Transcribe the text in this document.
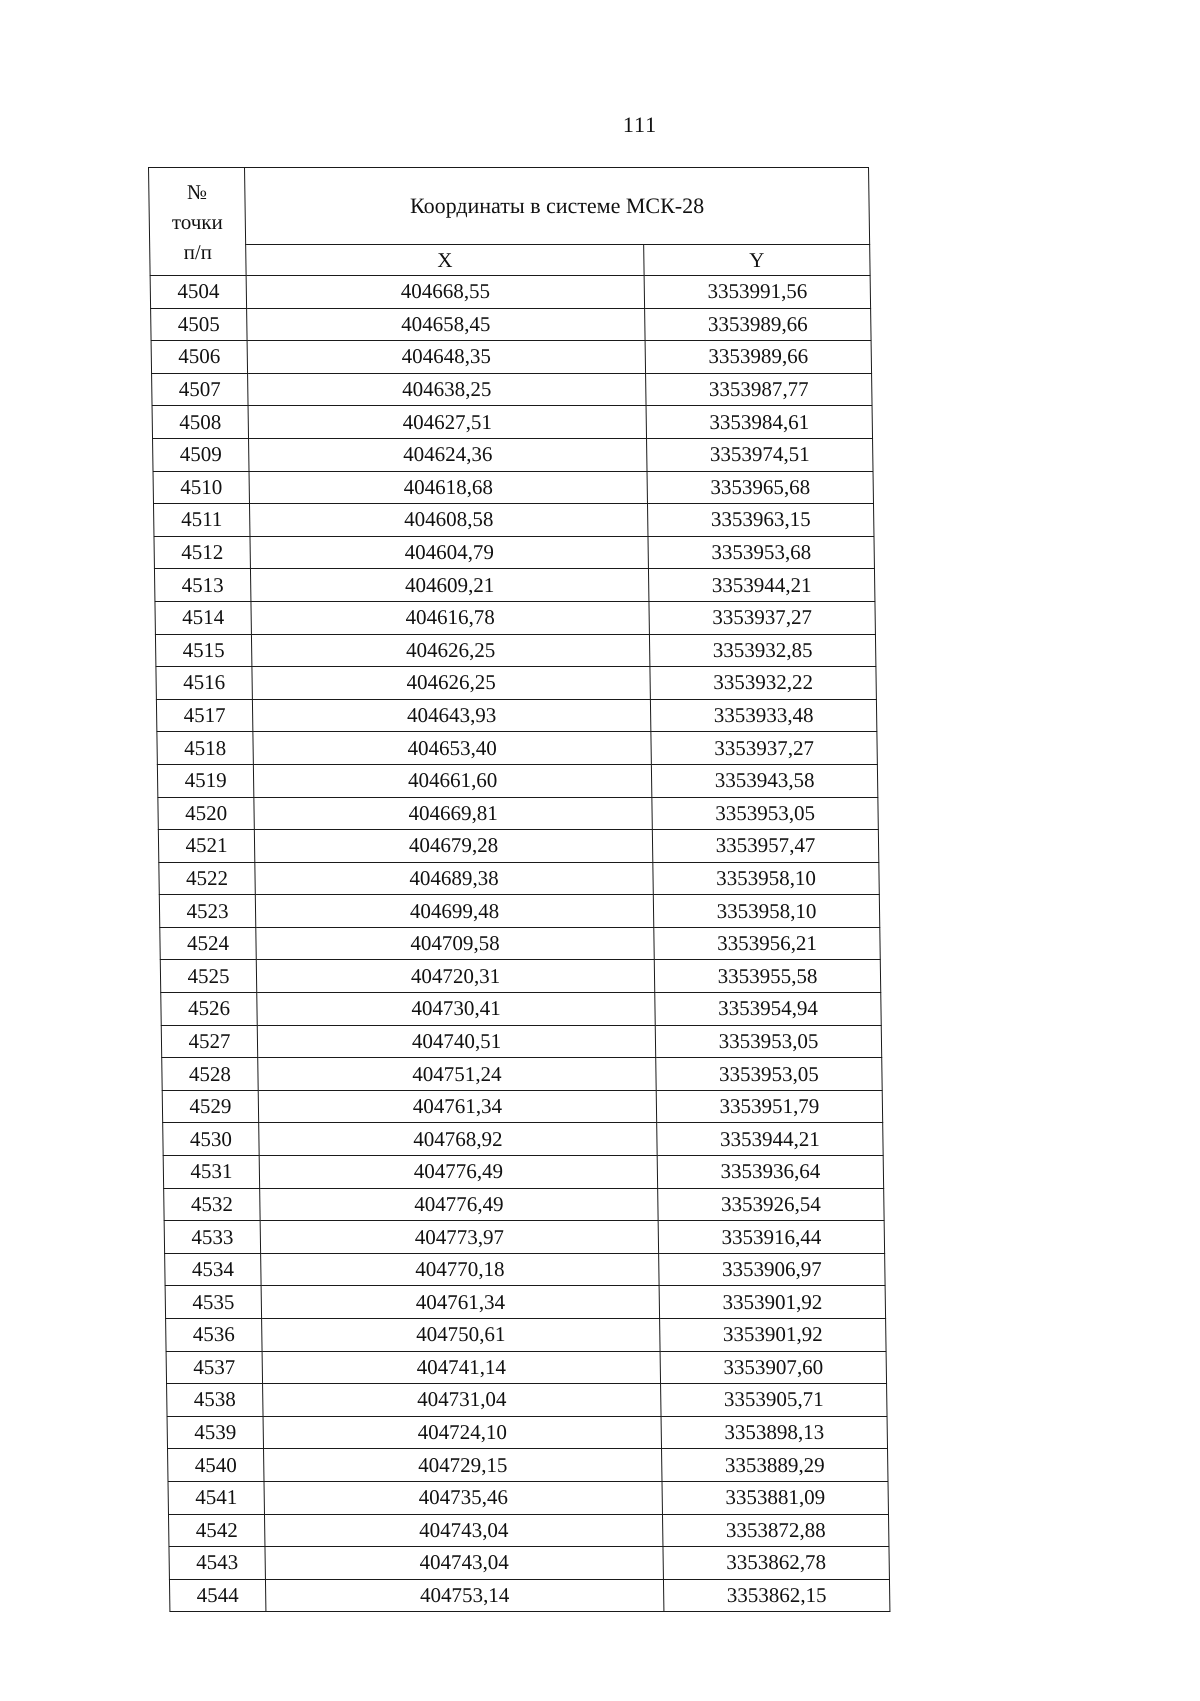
111
№
точки
п/п	Координаты в системе МСК-28	
	X	Y
4504	404668,55	3353991,56
4505	404658,45	3353989,66
4506	404648,35	3353989,66
4507	404638,25	3353987,77
4508	404627,51	3353984,61
4509	404624,36	3353974,51
4510	404618,68	3353965,68
4511	404608,58	3353963,15
4512	404604,79	3353953,68
4513	404609,21	3353944,21
4514	404616,78	3353937,27
4515	404626,25	3353932,85
4516	404626,25	3353932,22
4517	404643,93	3353933,48
4518	404653,40	3353937,27
4519	404661,60	3353943,58
4520	404669,81	3353953,05
4521	404679,28	3353957,47
4522	404689,38	3353958,10
4523	404699,48	3353958,10
4524	404709,58	3353956,21
4525	404720,31	3353955,58
4526	404730,41	3353954,94
4527	404740,51	3353953,05
4528	404751,24	3353953,05
4529	404761,34	3353951,79
4530	404768,92	3353944,21
4531	404776,49	3353936,64
4532	404776,49	3353926,54
4533	404773,97	3353916,44
4534	404770,18	3353906,97
4535	404761,34	3353901,92
4536	404750,61	3353901,92
4537	404741,14	3353907,60
4538	404731,04	3353905,71
4539	404724,10	3353898,13
4540	404729,15	3353889,29
4541	404735,46	3353881,09
4542	404743,04	3353872,88
4543	404743,04	3353862,78
4544	404753,14	3353862,15
